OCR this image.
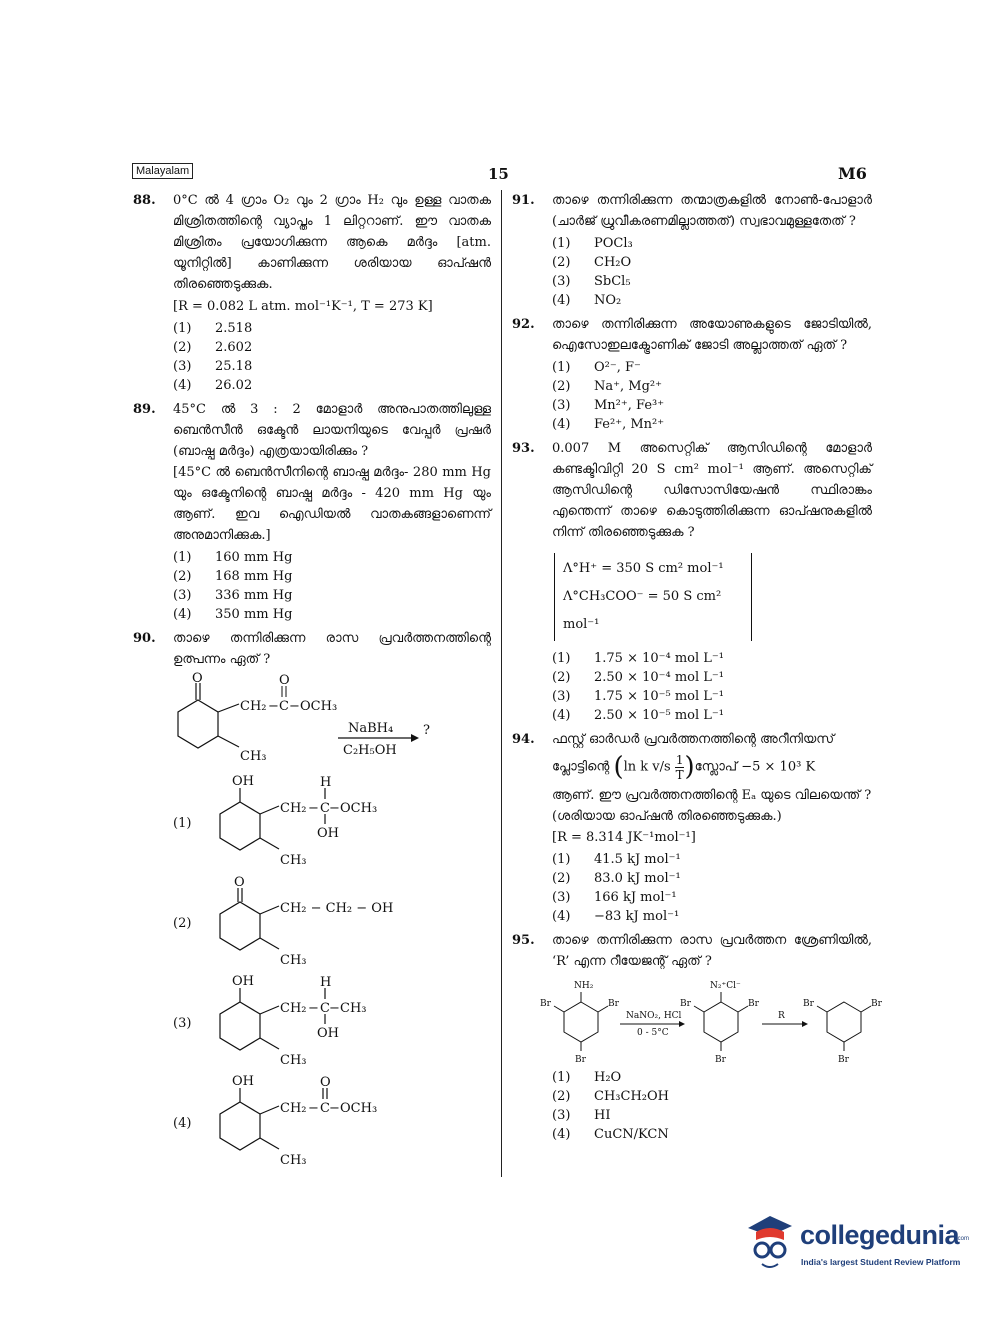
Malayalam	15	M6
88. 0°C ൽ 4 ഗ്രാം O₂ വും 2 ഗ്രാം H₂ വും ഉള്ള വാതക മിശ്രിതത്തിന്റെ വ്യാപ്തം 1 ലിറ്ററാണ്. ഈ വാതക മിശ്രിതം പ്രയോഗിക്കുന്ന ആകെ മർദ്ദം [atm. യൂനിറ്റിൽ] കാണിക്കുന്ന ശരിയായ ഓപ്ഷൻ തിരഞ്ഞെടുക്കുക.
[R = 0.082 L atm. mol⁻¹K⁻¹, T = 273 K]
(1)	2.518
(2)	2.602
(3)	25.18
(4)	26.02
89. 45°C ൽ 3 : 2 മോളാർ അനുപാതത്തിലുള്ള ബെൻസീൻ ഒക്ടേൻ ലായനിയുടെ വേപ്പർ പ്രഷർ (ബാഷ്പ മർദ്ദം) എത്രയായിരിക്കും ?
[45°C ൽ ബെൻസീനിന്റെ ബാഷ്പ മർദ്ദം- 280 mm Hg യും ഒക്ടേനിന്റെ ബാഷ്പ മർദ്ദം - 420 mm Hg യും ആണ്. ഇവ ഐഡിയൽ വാതകങ്ങളാണെന്ന് അനുമാനിക്കുക.]
(1)	160 mm Hg
(2)	168 mm Hg
(3)	336 mm Hg
(4)	350 mm Hg
90. താഴെ തന്നിരിക്കുന്ന രാസ പ്രവർത്തനത്തിന്റെ ഉത്പന്നം ഏത് ?
O
CH₂ − C
O
− OCH₃
CH₃
NaBH₄
C₂H₅OH
?
(1)
OH
CH₂ − C
H
− OCH₃
OH
CH₃
(2)
O
CH₂ − CH₂ − OH
CH₃
(3)
OH
CH₂ − C
H
− CH₃
OH
CH₃
(4)
OH
CH₂ − C
O
− OCH₃
CH₃
91. താഴെ തന്നിരിക്കുന്ന തന്മാത്രകളിൽ നോൺ-പോളാർ (ചാർജ് ധ്രുവീകരണമില്ലാത്തത്) സ്വഭാവമുള്ളതേത് ?
(1)	POCl₃
(2)	CH₂O
(3)	SbCl₅
(4)	NO₂
92. താഴെ തന്നിരിക്കുന്ന അയോണുകളുടെ ജോടിയിൽ, ഐസോഇലക്ട്രോണിക് ജോടി അല്ലാത്തത് ഏത് ?
(1)	O²⁻, F⁻
(2)	Na⁺, Mg²⁺
(3)	Mn²⁺, Fe³⁺
(4)	Fe²⁺, Mn²⁺
93. 0.007 M അസെറ്റിക് ആസിഡിന്റെ മോളാർ കണ്ടക്ടിവിറ്റി 20 S cm² mol⁻¹ ആണ്. അസെറ്റിക് ആസിഡിന്റെ ഡിസോസിയേഷൻ സ്ഥിരാങ്കം എന്തെന്ന് താഴെ കൊടുത്തിരിക്കുന്ന ഓപ്ഷനുകളിൽ നിന്ന് തിരഞ്ഞെടുക്കുക ?
Λ°H⁺ = 350 S cm² mol⁻¹
Λ°CH₃COO⁻ = 50 S cm² mol⁻¹
(1)	1.75 × 10⁻⁴ mol L⁻¹
(2)	2.50 × 10⁻⁴ mol L⁻¹
(3)	1.75 × 10⁻⁵ mol L⁻¹
(4)	2.50 × 10⁻⁵ mol L⁻¹
94. ഫസ്റ്റ് ഓർഡർ പ്രവർത്തനത്തിന്റെ അറീനിയസ്
പ്ലോട്ടിന്റെ (ln k $v/s \frac{1}{T})സ്ലോപ് -5 \times 10^3$ K
ആണ്. ഈ പ്രവർത്തനത്തിന്റെ Eₐ യുടെ വിലയെന്ത് ?
(ശരിയായ ഓപ്ഷൻ തിരഞ്ഞെടുക്കുക.)
[R = 8.314 JK⁻¹mol⁻¹]
(1)	41.5 kJ mol⁻¹
(2)	83.0 kJ mol⁻¹
(3)	166 kJ mol⁻¹
(4)	−83 kJ mol⁻¹
95. താഴെ തന്നിരിക്കുന്ന രാസ പ്രവർത്തന ശ്രേണിയിൽ, ‘R’ എന്ന റീയേജന്റ് ഏത് ?
NH₂
Br	Br
Br
NaNO₂, HCl
0 - 5°C
N₂⁺Cl⁻
Br	Br
Br
R
Br	Br
Br
(1)	H₂O
(2)	CH₃CH₂OH
(3)	HI
(4)	CuCN/KCN
collegedunia
.com
India's largest Student Review Platform
